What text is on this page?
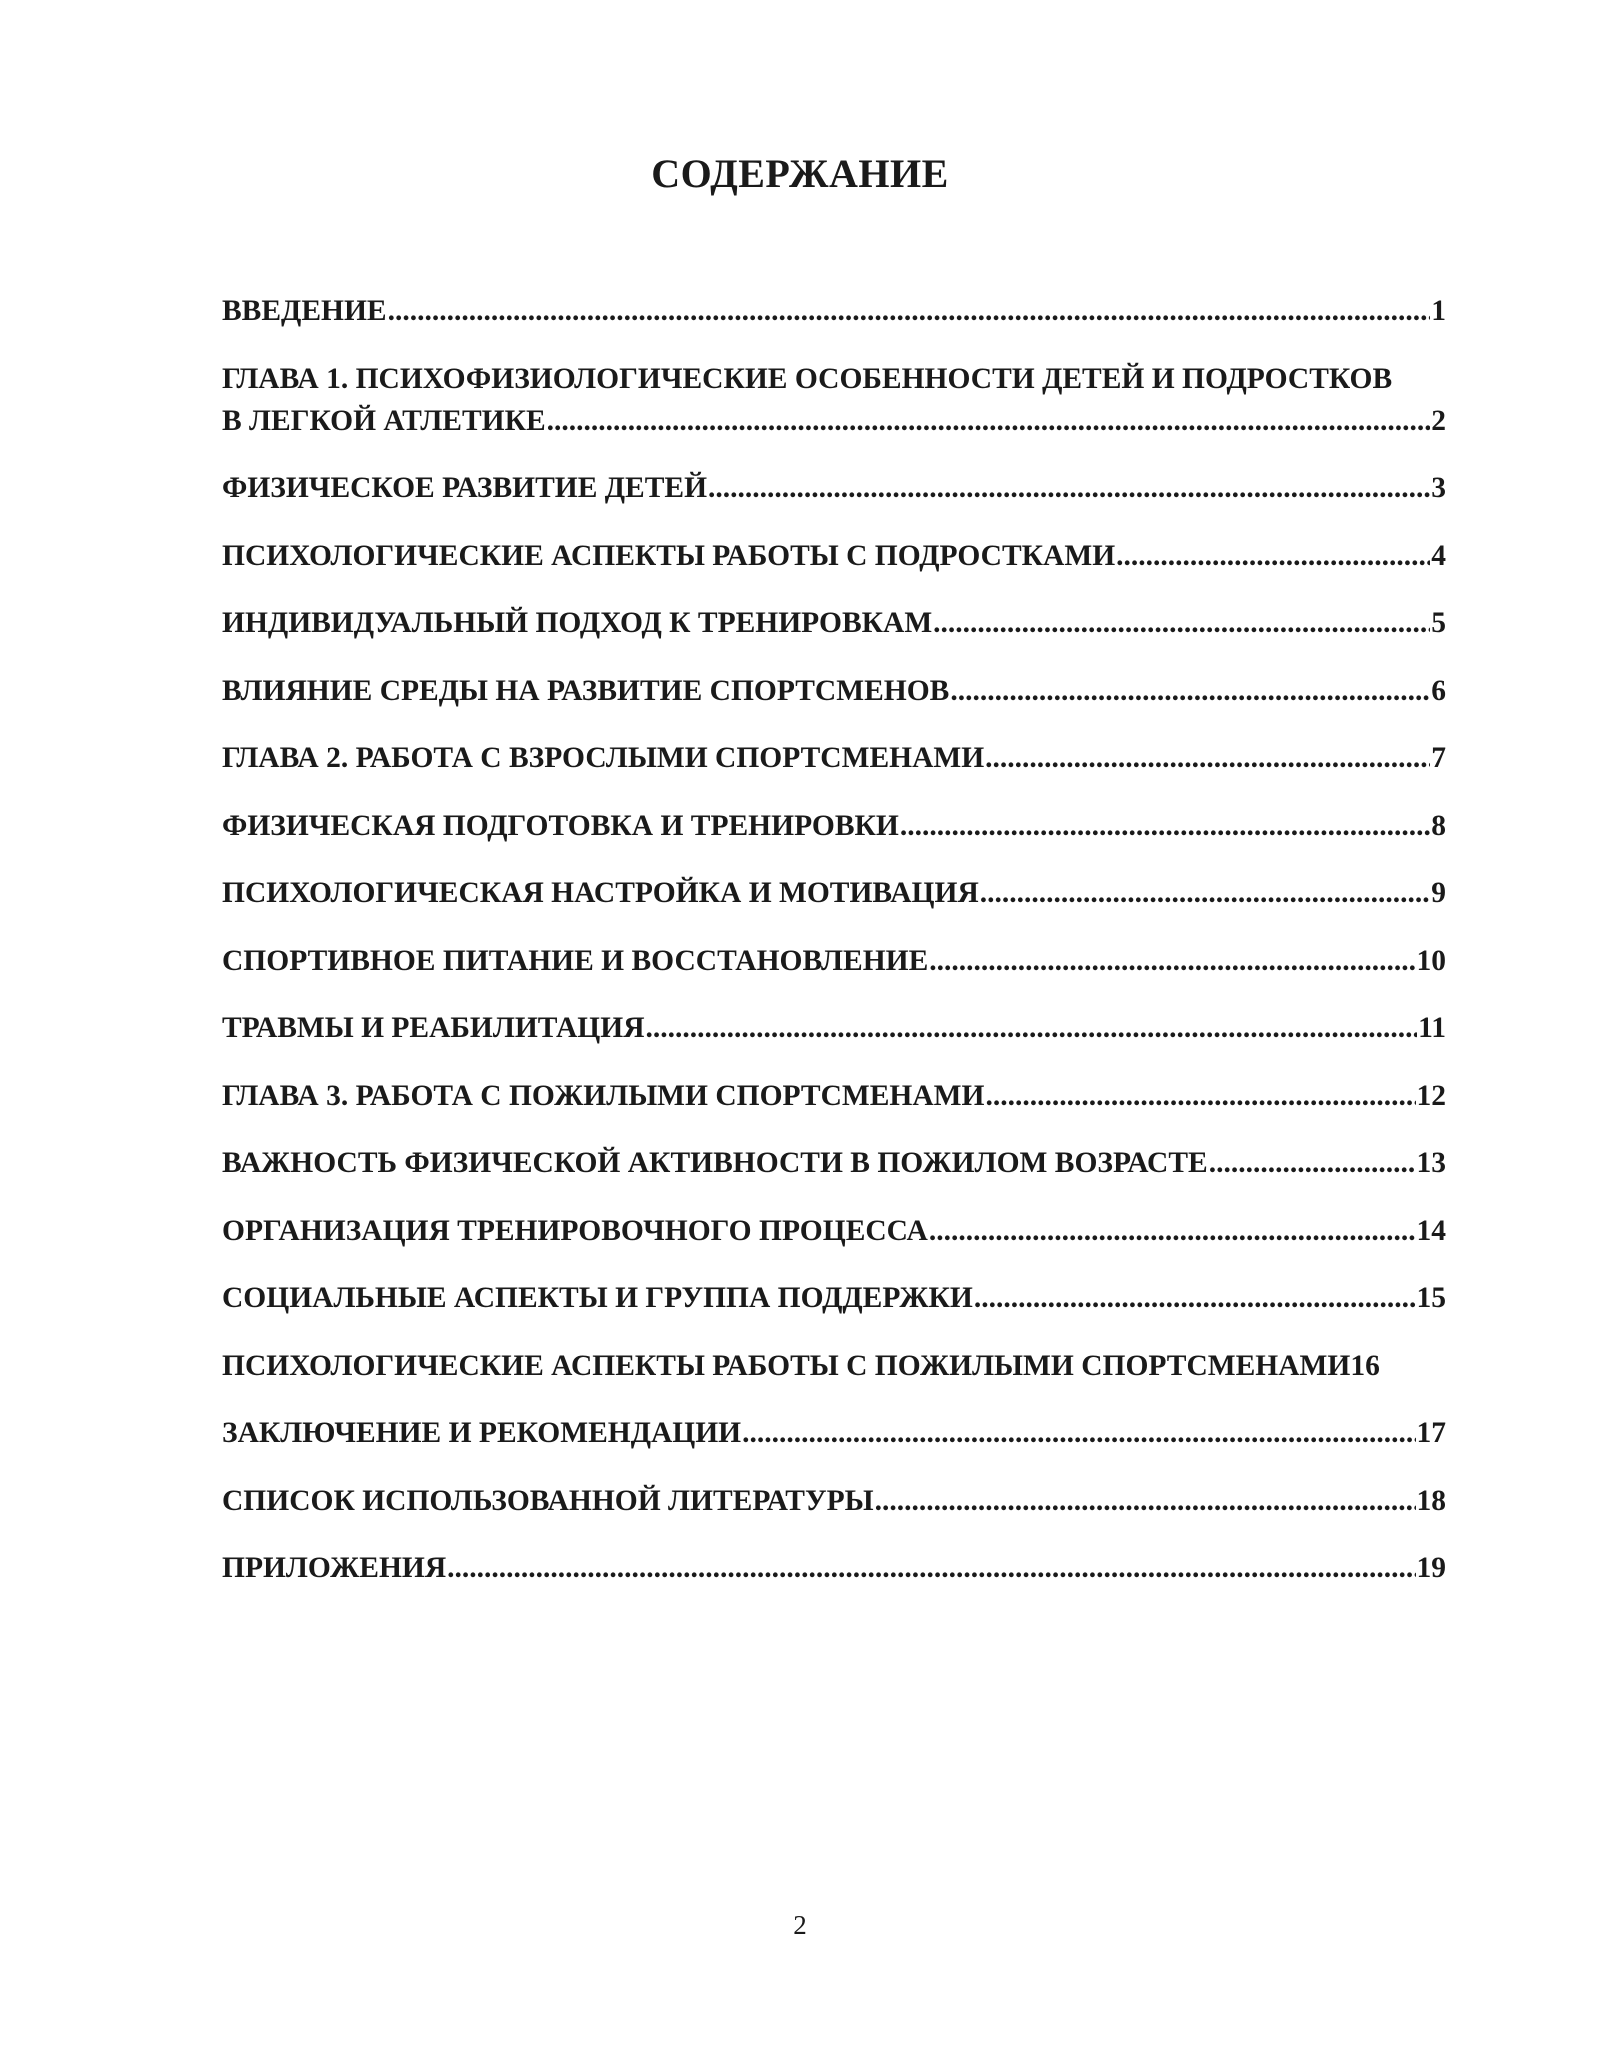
СОДЕРЖАНИЕ
ВВЕДЕНИЕ .....	1
ГЛАВА 1. ПСИХОФИЗИОЛОГИЧЕСКИЕ ОСОБЕННОСТИ ДЕТЕЙ И ПОДРОСТКОВ
В ЛЕГКОЙ АТЛЕТИКЕ .....	2
ФИЗИЧЕСКОЕ РАЗВИТИЕ ДЕТЕЙ .....	3
ПСИХОЛОГИЧЕСКИЕ АСПЕКТЫ РАБОТЫ С ПОДРОСТКАМИ .....	4
ИНДИВИДУАЛЬНЫЙ ПОДХОД К ТРЕНИРОВКАМ .....	5
ВЛИЯНИЕ СРЕДЫ НА РАЗВИТИЕ СПОРТСМЕНОВ .....	6
ГЛАВА 2. РАБОТА С ВЗРОСЛЫМИ СПОРТСМЕНАМИ .....	7
ФИЗИЧЕСКАЯ ПОДГОТОВКА И ТРЕНИРОВКИ .....	8
ПСИХОЛОГИЧЕСКАЯ НАСТРОЙКА И МОТИВАЦИЯ .....	9
СПОРТИВНОЕ ПИТАНИЕ И ВОССТАНОВЛЕНИЕ .....	10
ТРАВМЫ И РЕАБИЛИТАЦИЯ .....	11
ГЛАВА 3. РАБОТА С ПОЖИЛЫМИ СПОРТСМЕНАМИ .....	12
ВАЖНОСТЬ ФИЗИЧЕСКОЙ АКТИВНОСТИ В ПОЖИЛОМ ВОЗРАСТЕ .....	13
ОРГАНИЗАЦИЯ ТРЕНИРОВОЧНОГО ПРОЦЕССА .....	14
СОЦИАЛЬНЫЕ АСПЕКТЫ И ГРУППА ПОДДЕРЖКИ .....	15
ПСИХОЛОГИЧЕСКИЕ АСПЕКТЫ РАБОТЫ С ПОЖИЛЫМИ СПОРТСМЕНАМИ 16
ЗАКЛЮЧЕНИЕ И РЕКОМЕНДАЦИИ .....	17
СПИСОК ИСПОЛЬЗОВАННОЙ ЛИТЕРАТУРЫ .....	18
ПРИЛОЖЕНИЯ .....	19
2
